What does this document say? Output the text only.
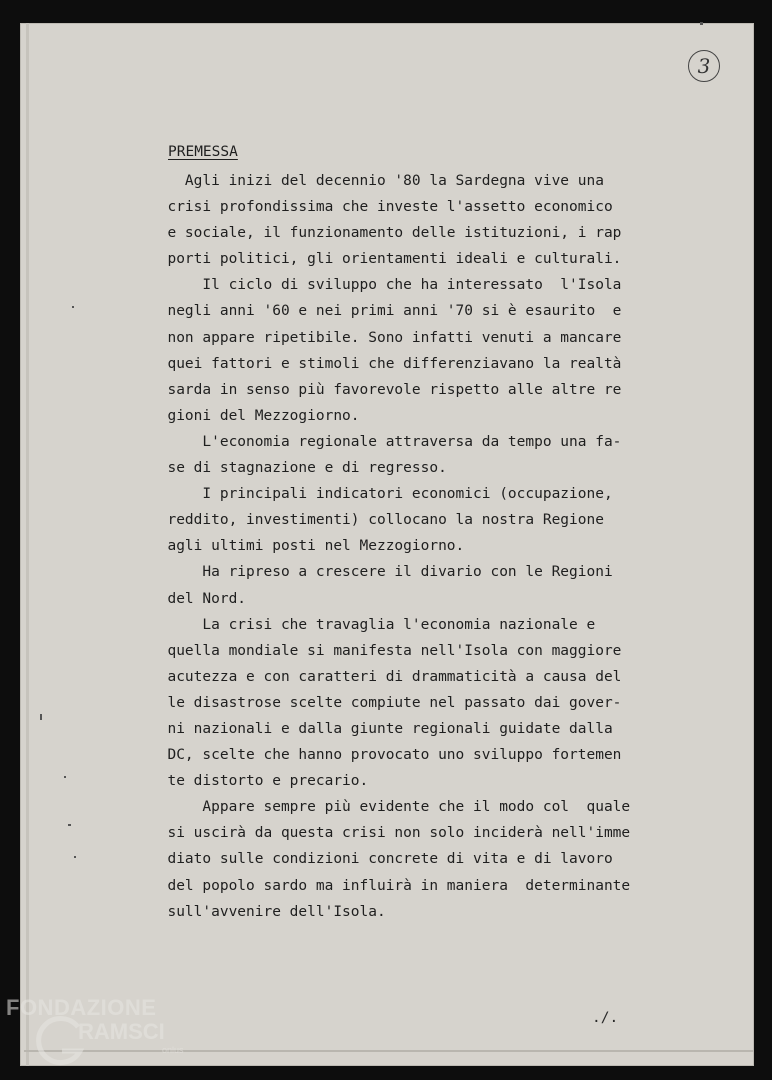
3
PREMESSA
Agli inizi del decennio '80 la Sardegna vive una
crisi profondissima che investe l'assetto economico
e sociale, il funzionamento delle istituzioni, i rap
porti politici, gli orientamenti ideali e culturali.
Il ciclo di sviluppo che ha interessato  l'Isola
negli anni '60 e nei primi anni '70 si è esaurito  e
non appare ripetibile. Sono infatti venuti a mancare
quei fattori e stimoli che differenziavano la realtà
sarda in senso più favorevole rispetto alle altre re
gioni del Mezzogiorno.
L'economia regionale attraversa da tempo una fa-
se di stagnazione e di regresso.
I principali indicatori economici (occupazione,
reddito, investimenti) collocano la nostra Regione
agli ultimi posti nel Mezzogiorno.
Ha ripreso a crescere il divario con le Regioni
del Nord.
La crisi che travaglia l'economia nazionale e
quella mondiale si manifesta nell'Isola con maggiore
acutezza e con caratteri di drammaticità a causa del
le disastrose scelte compiute nel passato dai gover-
ni nazionali e dalla giunte regionali guidate dalla
DC, scelte che hanno provocato uno sviluppo fortemen
te distorto e precario.
Appare sempre più evidente che il modo col  quale
si uscirà da questa crisi non solo inciderà nell'imme
diato sulle condizioni concrete di vita e di lavoro
del popolo sardo ma influirà in maniera  determinante
sull'avvenire dell'Isola.
./.
FONDAZIONE
RAMSCI
onlus
